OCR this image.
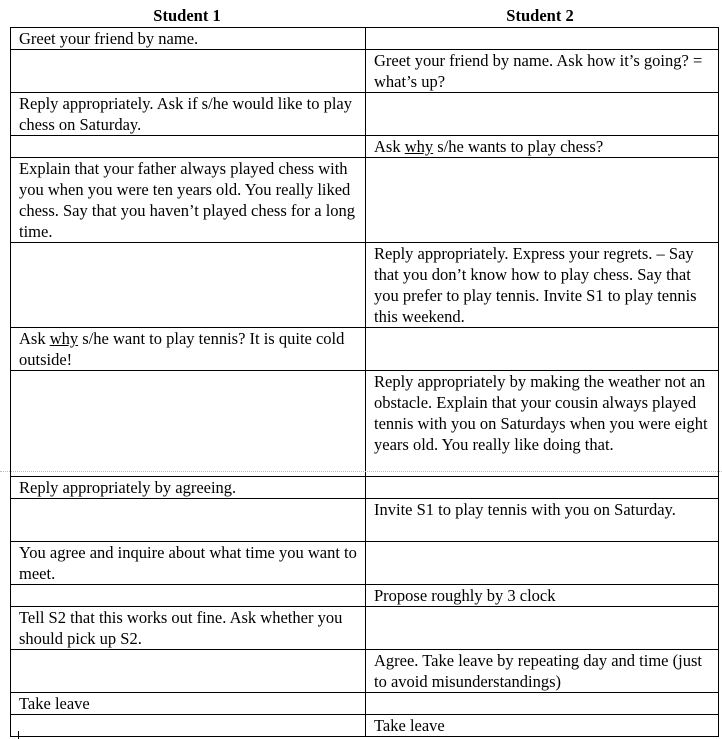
Student 1	Student 2
Greet your friend by name.	
	Greet your friend by name. Ask how it’s going? = what’s up?
Reply appropriately. Ask if s/he would like to play chess on Saturday.	
	Ask why s/he wants to play chess?
Explain that your father always played chess with you when you were ten years old. You really liked chess. Say that you haven’t played chess for a long time.	
	Reply appropriately. Express your regrets. – Say that you don’t know how to play chess. Say that you prefer to play tennis. Invite S1 to play tennis this weekend.
Ask why s/he want to play tennis? It is quite cold outside!	
	Reply appropriately by making the weather not an obstacle. Explain that your cousin always played tennis with you on Saturdays when you were eight years old. You really like doing that.
Reply appropriately by agreeing.	
	Invite S1 to play tennis with you on Saturday.
You agree and inquire about what time you want to meet.	
	Propose roughly by 3 clock
Tell S2 that this works out fine. Ask whether you should pick up S2.	
	Agree. Take leave by repeating day and time (just to avoid misunderstandings)
Take leave	
	Take leave
